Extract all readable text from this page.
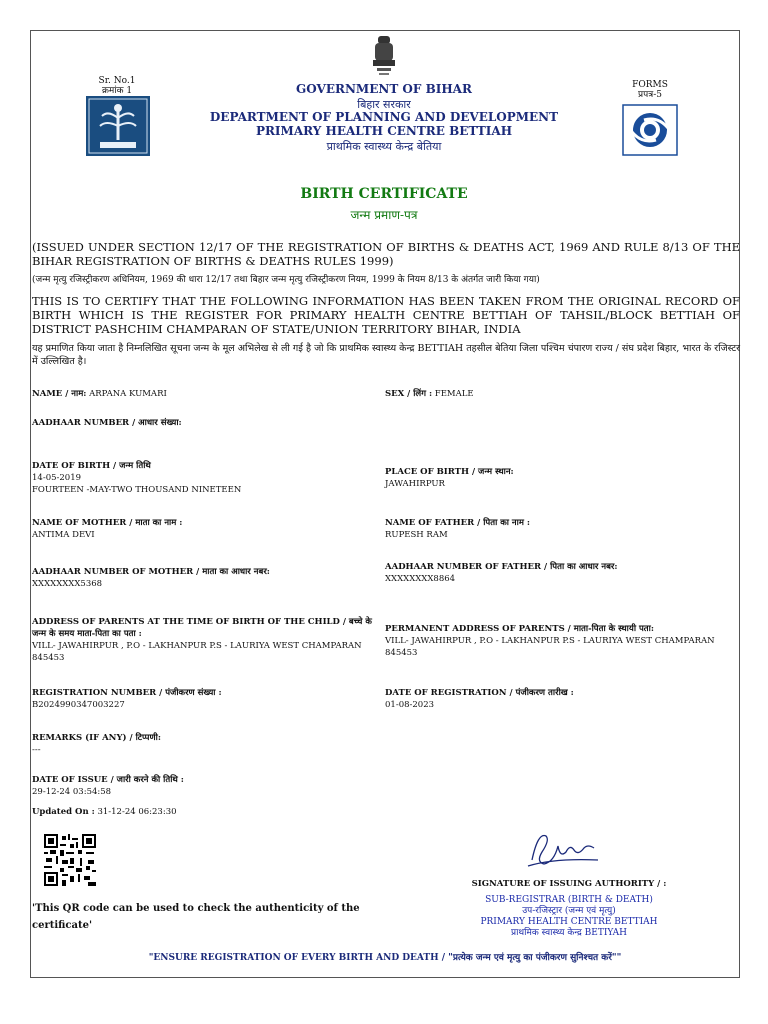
Sr. No.1
क्रमांक 1
FORMS
प्रपत्र-5
GOVERNMENT OF BIHAR
बिहार सरकार
DEPARTMENT OF PLANNING AND DEVELOPMENT
PRIMARY HEALTH CENTRE BETTIAH
प्राथमिक स्वास्थ्य केन्द्र बेतिया
BIRTH CERTIFICATE
जन्म प्रमाण-पत्र
(ISSUED UNDER SECTION 12/17 OF THE REGISTRATION OF BIRTHS & DEATHS ACT, 1969 AND RULE 8/13 OF THE BIHAR REGISTRATION OF BIRTHS & DEATHS RULES 1999)
(जन्म मृत्यु रजिस्ट्रीकरण अधिनियम, 1969 की धारा 12/17 तथा बिहार जन्म मृत्यु रजिस्ट्रीकरण नियम, 1999 के नियम 8/13 के अंतर्गत जारी किया गया)
THIS IS TO CERTIFY THAT THE FOLLOWING INFORMATION HAS BEEN TAKEN FROM THE ORIGINAL RECORD OF BIRTH WHICH IS THE REGISTER FOR PRIMARY HEALTH CENTRE BETTIAH OF TAHSIL/BLOCK BETTIAH OF DISTRICT PASHCHIM CHAMPARAN OF STATE/UNION TERRITORY BIHAR, INDIA
यह प्रमाणित किया जाता है निम्नलिखित सूचना जन्म के मूल अभिलेख से ली गई है जो कि प्राथमिक स्वास्थ्य केन्द्र BETTIAH तहसील बेतिया जिला पश्चिम चंपारण राज्य / संघ प्रदेश बिहार, भारत के रजिस्टर में उल्लिखित है।
NAME / नाम: ARPANA KUMARI	SEX / लिंग : FEMALE
AADHAAR NUMBER / आधार संख्या:
DATE OF BIRTH / जन्म तिथि
14-05-2019
FOURTEEN -MAY-TWO THOUSAND NINETEEN
PLACE OF BIRTH / जन्म स्थान:
JAWAHIRPUR
NAME OF MOTHER / माता का नाम :
ANTIMA DEVI
NAME OF FATHER / पिता का नाम :
RUPESH RAM
AADHAAR NUMBER OF MOTHER / माता का आधार नबर:
XXXXXXXX5368
AADHAAR NUMBER OF FATHER / पिता का आधार नबर:
XXXXXXXX8864
ADDRESS OF PARENTS AT THE TIME OF BIRTH OF THE CHILD / बच्चे के जन्म के समय माता-पिता का पता :
VILL- JAWAHIRPUR , P.O - LAKHANPUR P.S - LAURIYA WEST CHAMPARAN 845453
PERMANENT ADDRESS OF PARENTS / माता-पिता के स्थायी पता:
VILL- JAWAHIRPUR , P.O - LAKHANPUR P.S - LAURIYA WEST CHAMPARAN 845453
REGISTRATION NUMBER / पंजीकरण संख्या :
B2024990347003227
DATE OF REGISTRATION / पंजीकरण तारीख :
01-08-2023
REMARKS (IF ANY) / टिप्पणी:
---
DATE OF ISSUE / जारी करने की तिथि :
29-12-24 03:54:58
Updated On : 31-12-24 06:23:30
'This QR code can be used to check the authenticity of the certificate'
SIGNATURE OF ISSUING AUTHORITY / :
SUB-REGISTRAR (BIRTH & DEATH)
उप-रजिस्ट्रार (जन्म एवं मृत्यु)
PRIMARY HEALTH CENTRE BETTIAH
प्राथमिक स्वास्थ्य केन्द्र BETIYAH
"ENSURE REGISTRATION OF EVERY BIRTH AND DEATH / "प्रत्येक जन्म एवं मृत्यु का पंजीकरण सुनिश्चत करें""
